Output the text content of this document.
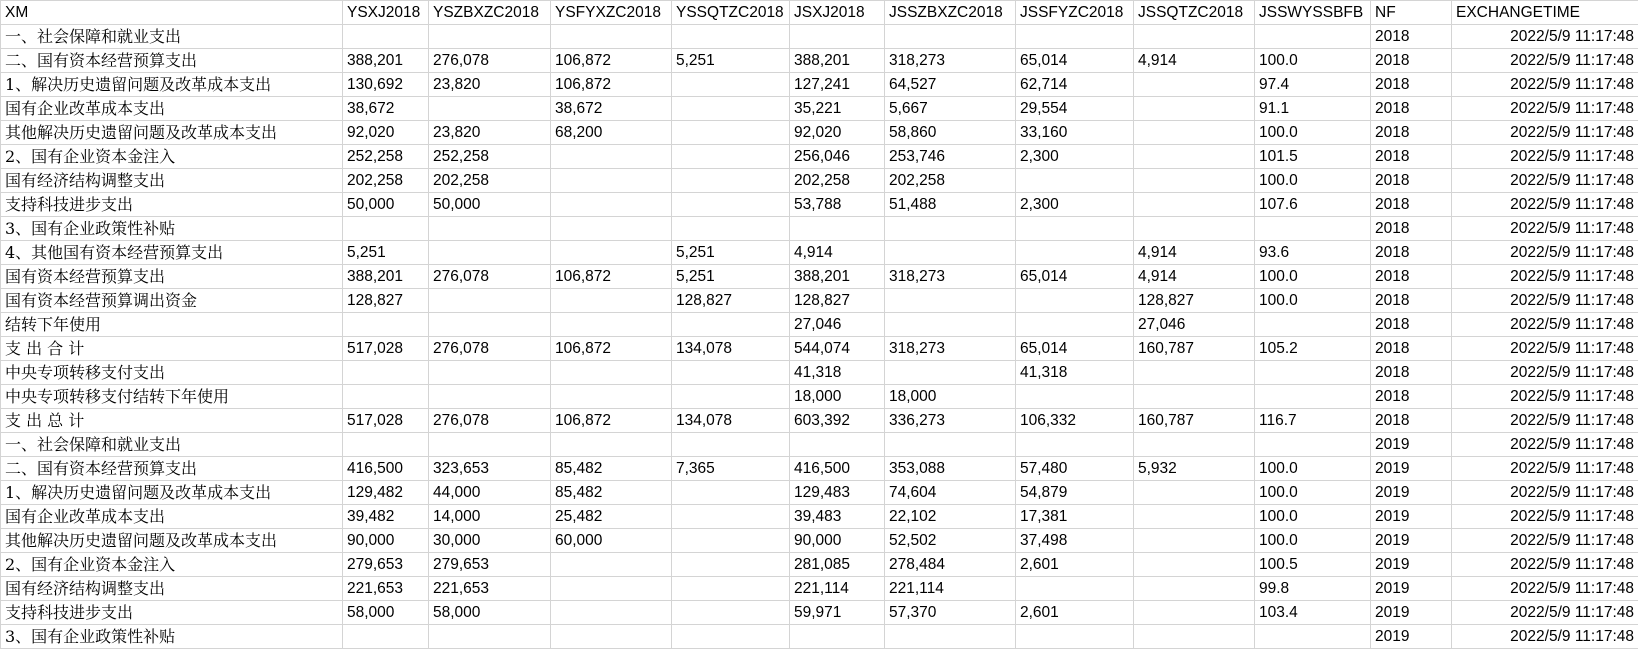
XM	YSXJ2018	YSZBXZC2018	YSFYXZC2018	YSSQTZC2018	JSXJ2018	JSSZBXZC2018	JSSFYZC2018	JSSQTZC2018	JSSWYSSBFB	NF	EXCHANGETIME
一、社会保障和就业支出										2018	2022/5/9 11:17:48
二、国有资本经营预算支出	388,201	276,078	106,872	5,251	388,201	318,273	65,014	4,914	100.0	2018	2022/5/9 11:17:48
1、解决历史遗留问题及改革成本支出	130,692	23,820	106,872		127,241	64,527	62,714		97.4	2018	2022/5/9 11:17:48
国有企业改革成本支出	38,672		38,672		35,221	5,667	29,554		91.1	2018	2022/5/9 11:17:48
其他解决历史遗留问题及改革成本支出	92,020	23,820	68,200		92,020	58,860	33,160		100.0	2018	2022/5/9 11:17:48
2、国有企业资本金注入	252,258	252,258			256,046	253,746	2,300		101.5	2018	2022/5/9 11:17:48
国有经济结构调整支出	202,258	202,258			202,258	202,258			100.0	2018	2022/5/9 11:17:48
支持科技进步支出	50,000	50,000			53,788	51,488	2,300		107.6	2018	2022/5/9 11:17:48
3、国有企业政策性补贴										2018	2022/5/9 11:17:48
4、其他国有资本经营预算支出	5,251			5,251	4,914			4,914	93.6	2018	2022/5/9 11:17:48
国有资本经营预算支出	388,201	276,078	106,872	5,251	388,201	318,273	65,014	4,914	100.0	2018	2022/5/9 11:17:48
国有资本经营预算调出资金	128,827			128,827	128,827			128,827	100.0	2018	2022/5/9 11:17:48
结转下年使用					27,046			27,046		2018	2022/5/9 11:17:48
支 出 合 计	517,028	276,078	106,872	134,078	544,074	318,273	65,014	160,787	105.2	2018	2022/5/9 11:17:48
中央专项转移支付支出					41,318		41,318			2018	2022/5/9 11:17:48
中央专项转移支付结转下年使用					18,000	18,000				2018	2022/5/9 11:17:48
支 出 总 计	517,028	276,078	106,872	134,078	603,392	336,273	106,332	160,787	116.7	2018	2022/5/9 11:17:48
一、社会保障和就业支出										2019	2022/5/9 11:17:48
二、国有资本经营预算支出	416,500	323,653	85,482	7,365	416,500	353,088	57,480	5,932	100.0	2019	2022/5/9 11:17:48
1、解决历史遗留问题及改革成本支出	129,482	44,000	85,482		129,483	74,604	54,879		100.0	2019	2022/5/9 11:17:48
国有企业改革成本支出	39,482	14,000	25,482		39,483	22,102	17,381		100.0	2019	2022/5/9 11:17:48
其他解决历史遗留问题及改革成本支出	90,000	30,000	60,000		90,000	52,502	37,498		100.0	2019	2022/5/9 11:17:48
2、国有企业资本金注入	279,653	279,653			281,085	278,484	2,601		100.5	2019	2022/5/9 11:17:48
国有经济结构调整支出	221,653	221,653			221,114	221,114			99.8	2019	2022/5/9 11:17:48
支持科技进步支出	58,000	58,000			59,971	57,370	2,601		103.4	2019	2022/5/9 11:17:48
3、国有企业政策性补贴										2019	2022/5/9 11:17:48
